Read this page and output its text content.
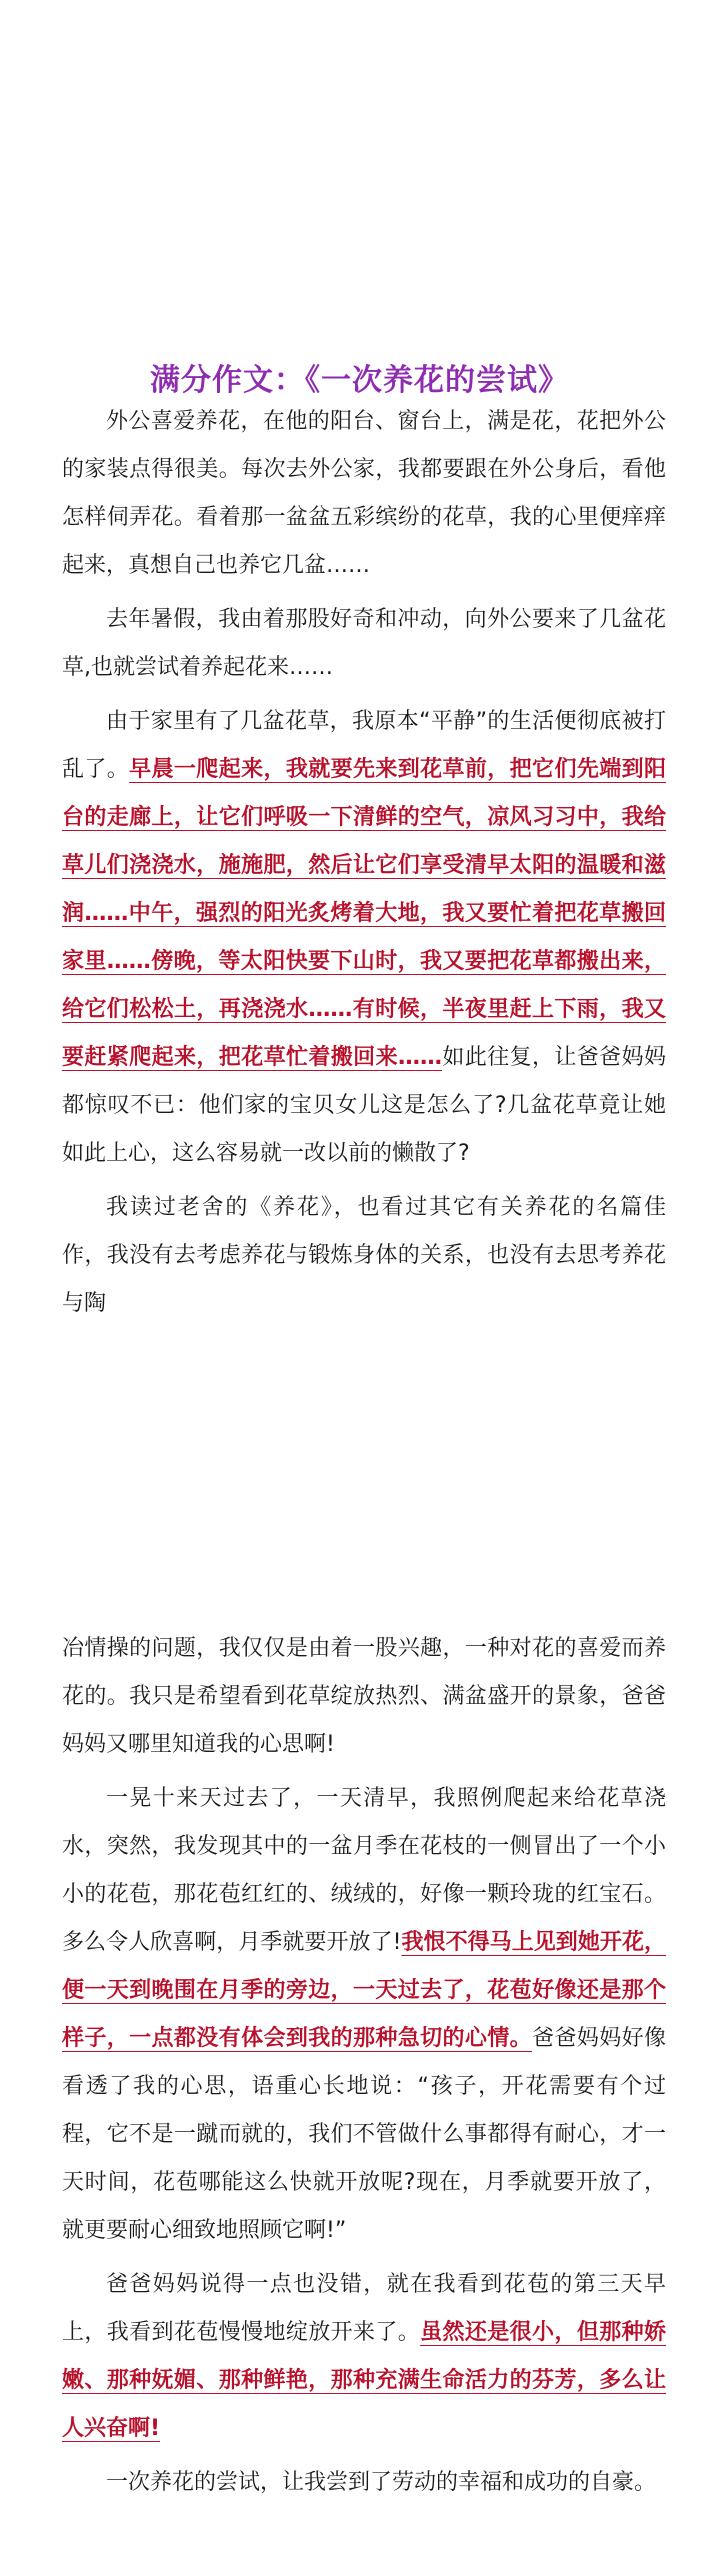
满分作文：《一次养花的尝试》

外公喜爱养花，在他的阳台、窗台上，满是花，花把外公的家装点得很美。每次去外公家，我都要跟在外公身后，看他怎样伺弄花。看着那一盆盆五彩缤纷的花草，我的心里便痒痒起来，真想自己也养它几盆……

去年暑假，我由着那股好奇和冲动，向外公要来了几盆花草,也就尝试着养起花来……

由于家里有了几盆花草，我原本“平静”的生活便彻底被打乱了。早晨一爬起来，我就要先来到花草前，把它们先端到阳台的走廊上，让它们呼吸一下清鲜的空气，凉风习习中，我给草儿们浇浇水，施施肥，然后让它们享受清早太阳的温暖和滋润……中午，强烈的阳光炙烤着大地，我又要忙着把花草搬回家里……傍晚，等太阳快要下山时，我又要把花草都搬出来，给它们松松土，再浇浇水……有时候，半夜里赶上下雨，我又要赶紧爬起来，把花草忙着搬回来……如此往复，让爸爸妈妈都惊叹不已：他们家的宝贝女儿这是怎么了?几盆花草竟让她如此上心，这么容易就一改以前的懒散了?

我读过老舍的《养花》，也看过其它有关养花的名篇佳作，我没有去考虑养花与锻炼身体的关系，也没有去思考养花与陶

冶情操的问题，我仅仅是由着一股兴趣，一种对花的喜爱而养花的。我只是希望看到花草绽放热烈、满盆盛开的景象，爸爸妈妈又哪里知道我的心思啊!

一晃十来天过去了，一天清早，我照例爬起来给花草浇水，突然，我发现其中的一盆月季在花枝的一侧冒出了一个小小的花苞，那花苞红红的、绒绒的，好像一颗玲珑的红宝石。多么令人欣喜啊，月季就要开放了!我恨不得马上见到她开花，便一天到晚围在月季的旁边，一天过去了，花苞好像还是那个样子，一点都没有体会到我的那种急切的心情。爸爸妈妈好像看透了我的心思，语重心长地说：“孩子，开花需要有个过程，它不是一蹴而就的，我们不管做什么事都得有耐心，才一天时间，花苞哪能这么快就开放呢?现在，月季就要开放了，就更要耐心细致地照顾它啊!”

爸爸妈妈说得一点也没错，就在我看到花苞的第三天早上，我看到花苞慢慢地绽放开来了。虽然还是很小，但那种娇嫩、那种妩媚、那种鲜艳，那种充满生命活力的芬芳，多么让人兴奋啊!

一次养花的尝试，让我尝到了劳动的幸福和成功的自豪。
